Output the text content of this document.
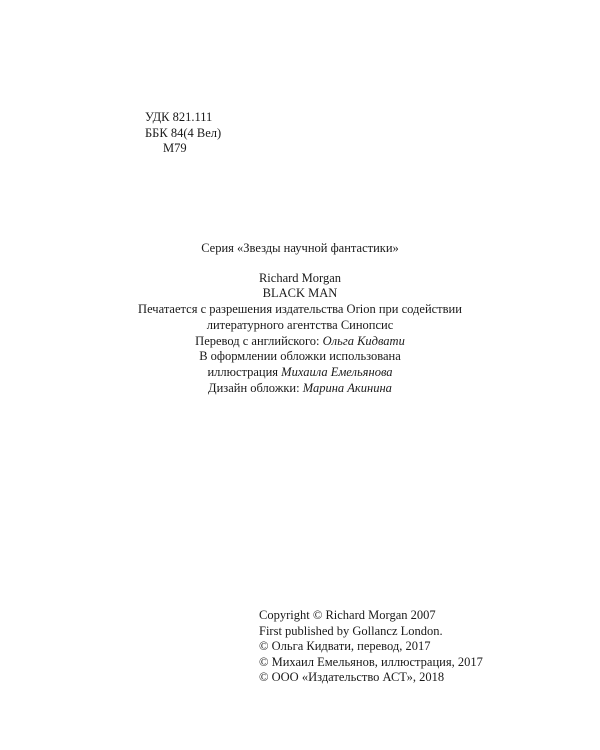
УДК 821.111
ББК 84(4 Вел)
М79
Серия «Звезды научной фантастики»
Richard Morgan
BLACK MAN
Печатается с разрешения издательства Orion при содействии
литературного агентства Синопсис
Перевод с английского: Ольга Кидвати
В оформлении обложки использована
иллюстрация Михаила Емельянова
Дизайн обложки: Марина Акинина
Copyright © Richard Morgan 2007
First published by Gollancz London.
© Ольга Кидвати, перевод, 2017
© Михаил Емельянов, иллюстрация, 2017
© ООО «Издательство АСТ», 2018
